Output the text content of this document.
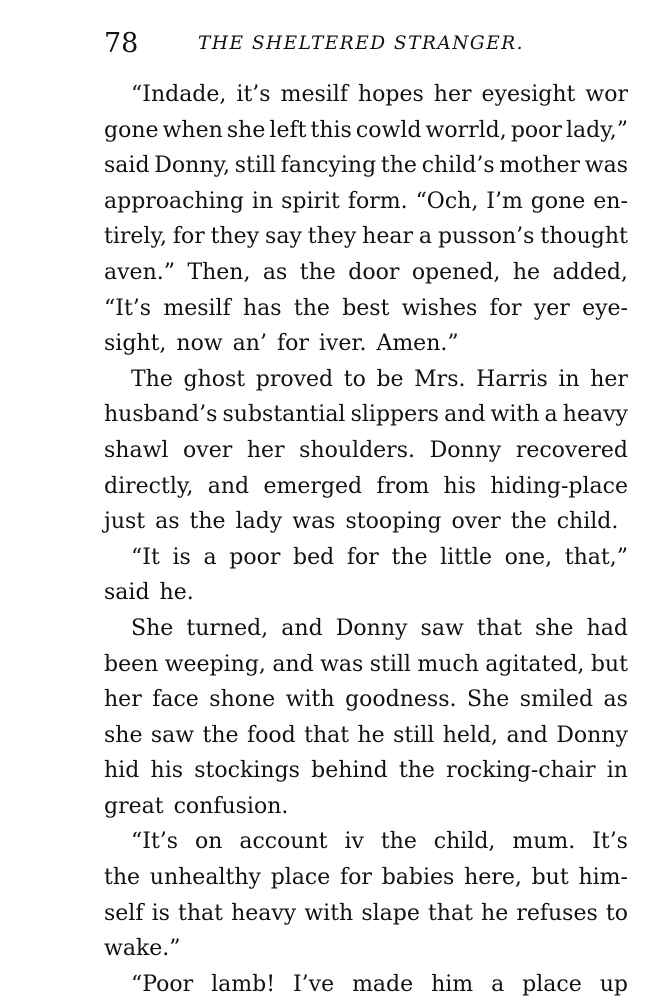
78	THE SHELTERED STRANGER.
“Indade, it’s mesilf hopes her eyesight wor
gone when she left this cowld worrld, poor lady,”
said Donny, still fancying the child’s mother was
approaching in spirit form. “Och, I’m gone en-
tirely, for they say they hear a pusson’s thought
aven.” Then, as the door opened, he added,
“It’s mesilf has the best wishes for yer eye-
sight, now an’ for iver. Amen.”
The ghost proved to be Mrs. Harris in her
husband’s substantial slippers and with a heavy
shawl over her shoulders. Donny recovered
directly, and emerged from his hiding-place
just as the lady was stooping over the child.
“It is a poor bed for the little one, that,”
said he.
She turned, and Donny saw that she had
been weeping, and was still much agitated, but
her face shone with goodness. She smiled as
she saw the food that he still held, and Donny
hid his stockings behind the rocking-chair in
great confusion.
“It’s on account iv the child, mum. It’s
the unhealthy place for babies here, but him-
self is that heavy with slape that he refuses to
wake.”
“Poor lamb! I’ve made him a place up
